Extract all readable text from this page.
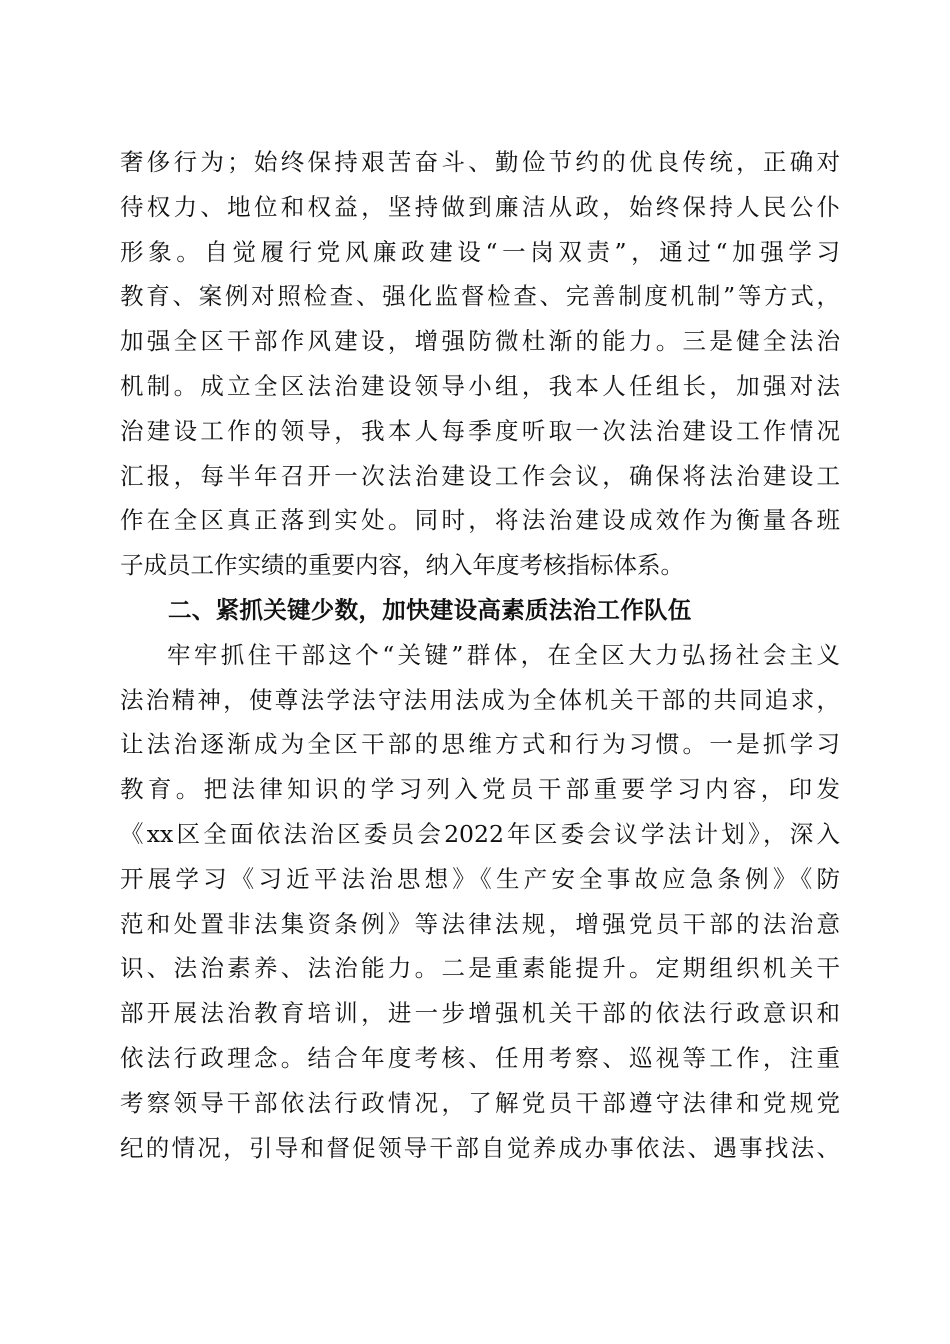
奢侈行为；始终保持艰苦奋斗、勤俭节约的优良传统，正确对
待权力、地位和权益，坚持做到廉洁从政，始终保持人民公仆
形象。自觉履行党风廉政建设“一岗双责”，通过“加强学习
教育、案例对照检查、强化监督检查、完善制度机制”等方式，
加强全区干部作风建设，增强防微杜渐的能力。三是健全法治
机制。成立全区法治建设领导小组，我本人任组长，加强对法
治建设工作的领导，我本人每季度听取一次法治建设工作情况
汇报，每半年召开一次法治建设工作会议，确保将法治建设工
作在全区真正落到实处。同时，将法治建设成效作为衡量各班
子成员工作实绩的重要内容，纳入年度考核指标体系。
二、紧抓关键少数，加快建设高素质法治工作队伍
牢牢抓住干部这个“关键”群体，在全区大力弘扬社会主义
法治精神，使尊法学法守法用法成为全体机关干部的共同追求，
让法治逐渐成为全区干部的思维方式和行为习惯。一是抓学习
教育。把法律知识的学习列入党员干部重要学习内容，印发
《xx区全面依法治区委员会2022年区委会议学法计划》，深入
开展学习《习近平法治思想》《生产安全事故应急条例》《防
范和处置非法集资条例》等法律法规，增强党员干部的法治意
识、法治素养、法治能力。二是重素能提升。定期组织机关干
部开展法治教育培训，进一步增强机关干部的依法行政意识和
依法行政理念。结合年度考核、任用考察、巡视等工作，注重
考察领导干部依法行政情况，了解党员干部遵守法律和党规党
纪的情况，引导和督促领导干部自觉养成办事依法、遇事找法、
